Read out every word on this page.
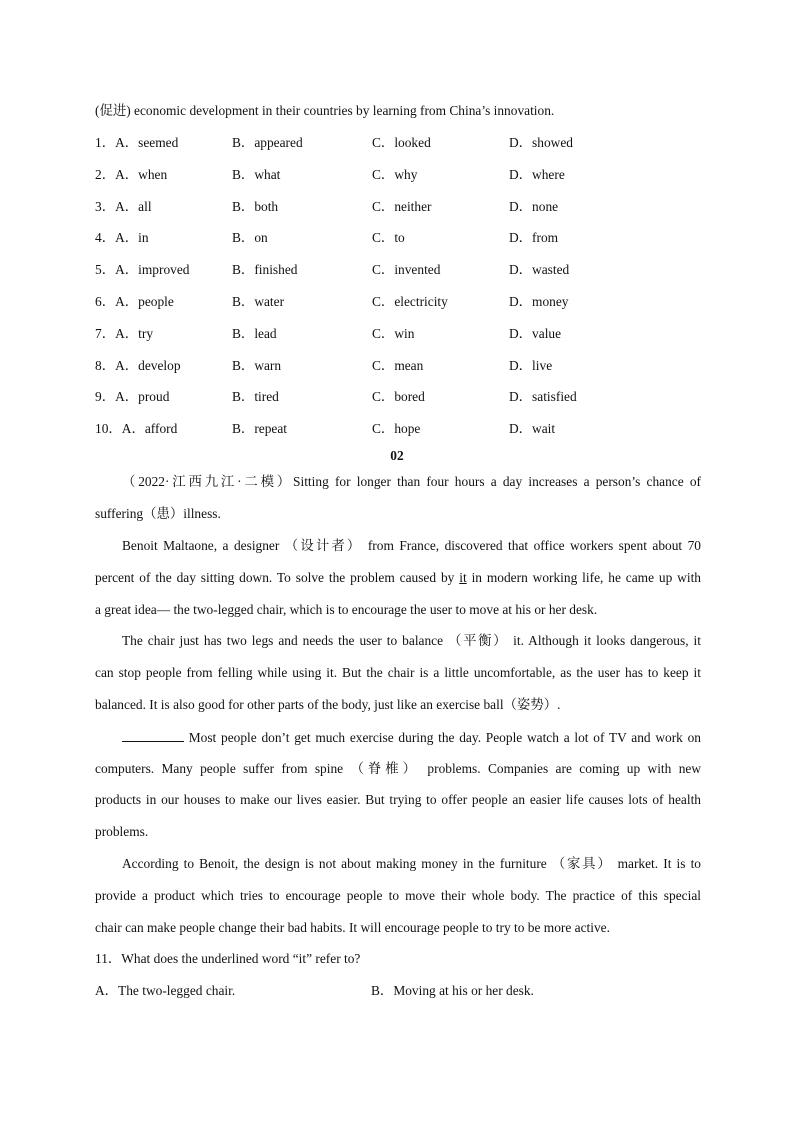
(促进) economic development in their countries by learning from China’s innovation.
1．A．seemed	B．appeared	C．looked	D．showed
2．A．when	B．what	C．why	D．where
3．A．all	B．both	C．neither	D．none
4．A．in	B．on	C．to	D．from
5．A．improved	B．finished	C．invented	D．wasted
6．A．people	B．water	C．electricity	D．money
7．A．try	B．lead	C．win	D．value
8．A．develop	B．warn	C．mean	D．live
9．A．proud	B．tired	C．bored	D．satisfied
10．A．afford	B．repeat	C．hope	D．wait
02
（2022·江西九江·二模）Sitting for longer than four hours a day increases a person’s chance of
suffering（患）illness.
Benoit Maltaone, a designer （设计者） from France, discovered that office workers spent about 70
percent of the day sitting down. To solve the problem caused by it in modern working life, he came up with
a great idea— the two-legged chair, which is to encourage the user to move at his or her desk.
The chair just has two legs and needs the user to balance （平衡） it. Although it looks dangerous, it
can stop people from felling while using it. But the chair is a little uncomfortable, as the user has to keep it
balanced. It is also good for other parts of the body, just like an exercise ball（姿势）.
Most people don’t get much exercise during the day. People watch a lot of TV and work on
computers. Many people suffer from spine （脊椎） problems. Companies are coming up with new
products in our houses to make our lives easier. But trying to offer people an easier life causes lots of health
problems.
According to Benoit, the design is not about making money in the furniture （家具） market. It is to
provide a product which tries to encourage people to move their whole body. The practice of this special
chair can make people change their bad habits. It will encourage people to try to be more active.
11．What does the underlined word “it” refer to?
A．The two-legged chair.	B．Moving at his or her desk.
